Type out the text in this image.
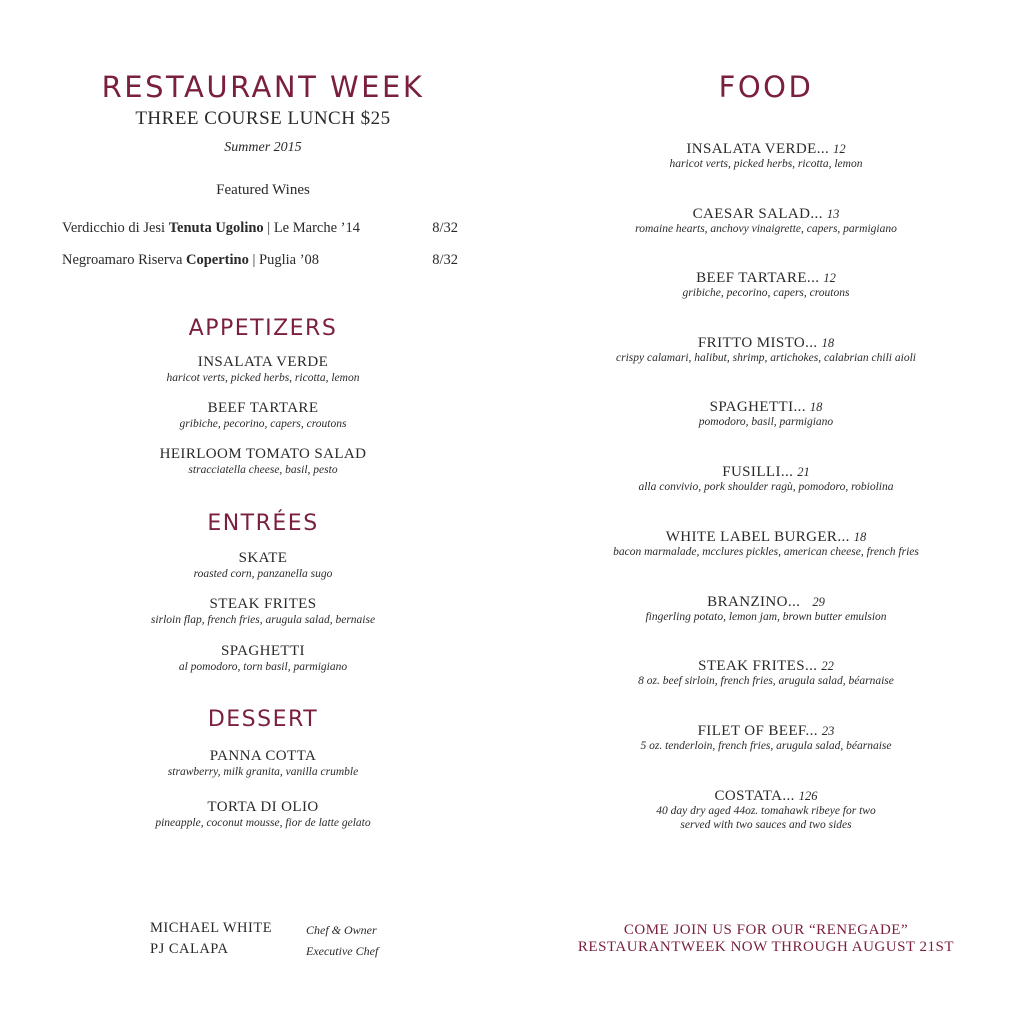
RESTAURANT WEEK
THREE COURSE LUNCH $25
Summer 2015
Featured Wines
Verdicchio di Jesi Tenuta Ugolino | Le Marche ’14	8/32
Negroamaro Riserva Copertino | Puglia ’08	8/32
APPETIZERS
INSALATA VERDE
haricot verts, picked herbs, ricotta, lemon
BEEF TARTARE
gribiche, pecorino, capers, croutons
HEIRLOOM TOMATO SALAD
stracciatella cheese, basil, pesto
ENTRÉES
SKATE
roasted corn, panzanella sugo
STEAK FRITES
sirloin flap, french fries, arugula salad, bernaise
SPAGHETTI
al pomodoro, torn basil, parmigiano
DESSERT
PANNA COTTA
strawberry, milk granita, vanilla crumble
TORTA DI OLIO
pineapple, coconut mousse, fior de latte gelato
MICHAEL WHITE	Chef & Owner
PJ CALAPA	Executive Chef
FOOD
INSALATA VERDE... 12
haricot verts, picked herbs, ricotta, lemon
CAESAR SALAD... 13
romaine hearts, anchovy vinaigrette, capers, parmigiano
BEEF TARTARE... 12
gribiche, pecorino, capers, croutons
FRITTO MISTO... 18
crispy calamari, halibut, shrimp, artichokes, calabrian chili aioli
SPAGHETTI... 18
pomodoro, basil, parmigiano
FUSILLI... 21
alla convivio, pork shoulder ragù, pomodoro, robiolina
WHITE LABEL BURGER... 18
bacon marmalade, mcclures pickles, american cheese, french fries
BRANZINO... 29
fingerling potato, lemon jam, brown butter emulsion
STEAK FRITES... 22
8 oz. beef sirloin, french fries, arugula salad, béarnaise
FILET OF BEEF... 23
5 oz. tenderloin, french fries, arugula salad, béarnaise
COSTATA... 126
40 day dry aged 44oz. tomahawk ribeye for two
served with two sauces and two sides
COME JOIN US FOR OUR “RENEGADE”
RESTAURANTWEEK NOW THROUGH AUGUST 21ST
